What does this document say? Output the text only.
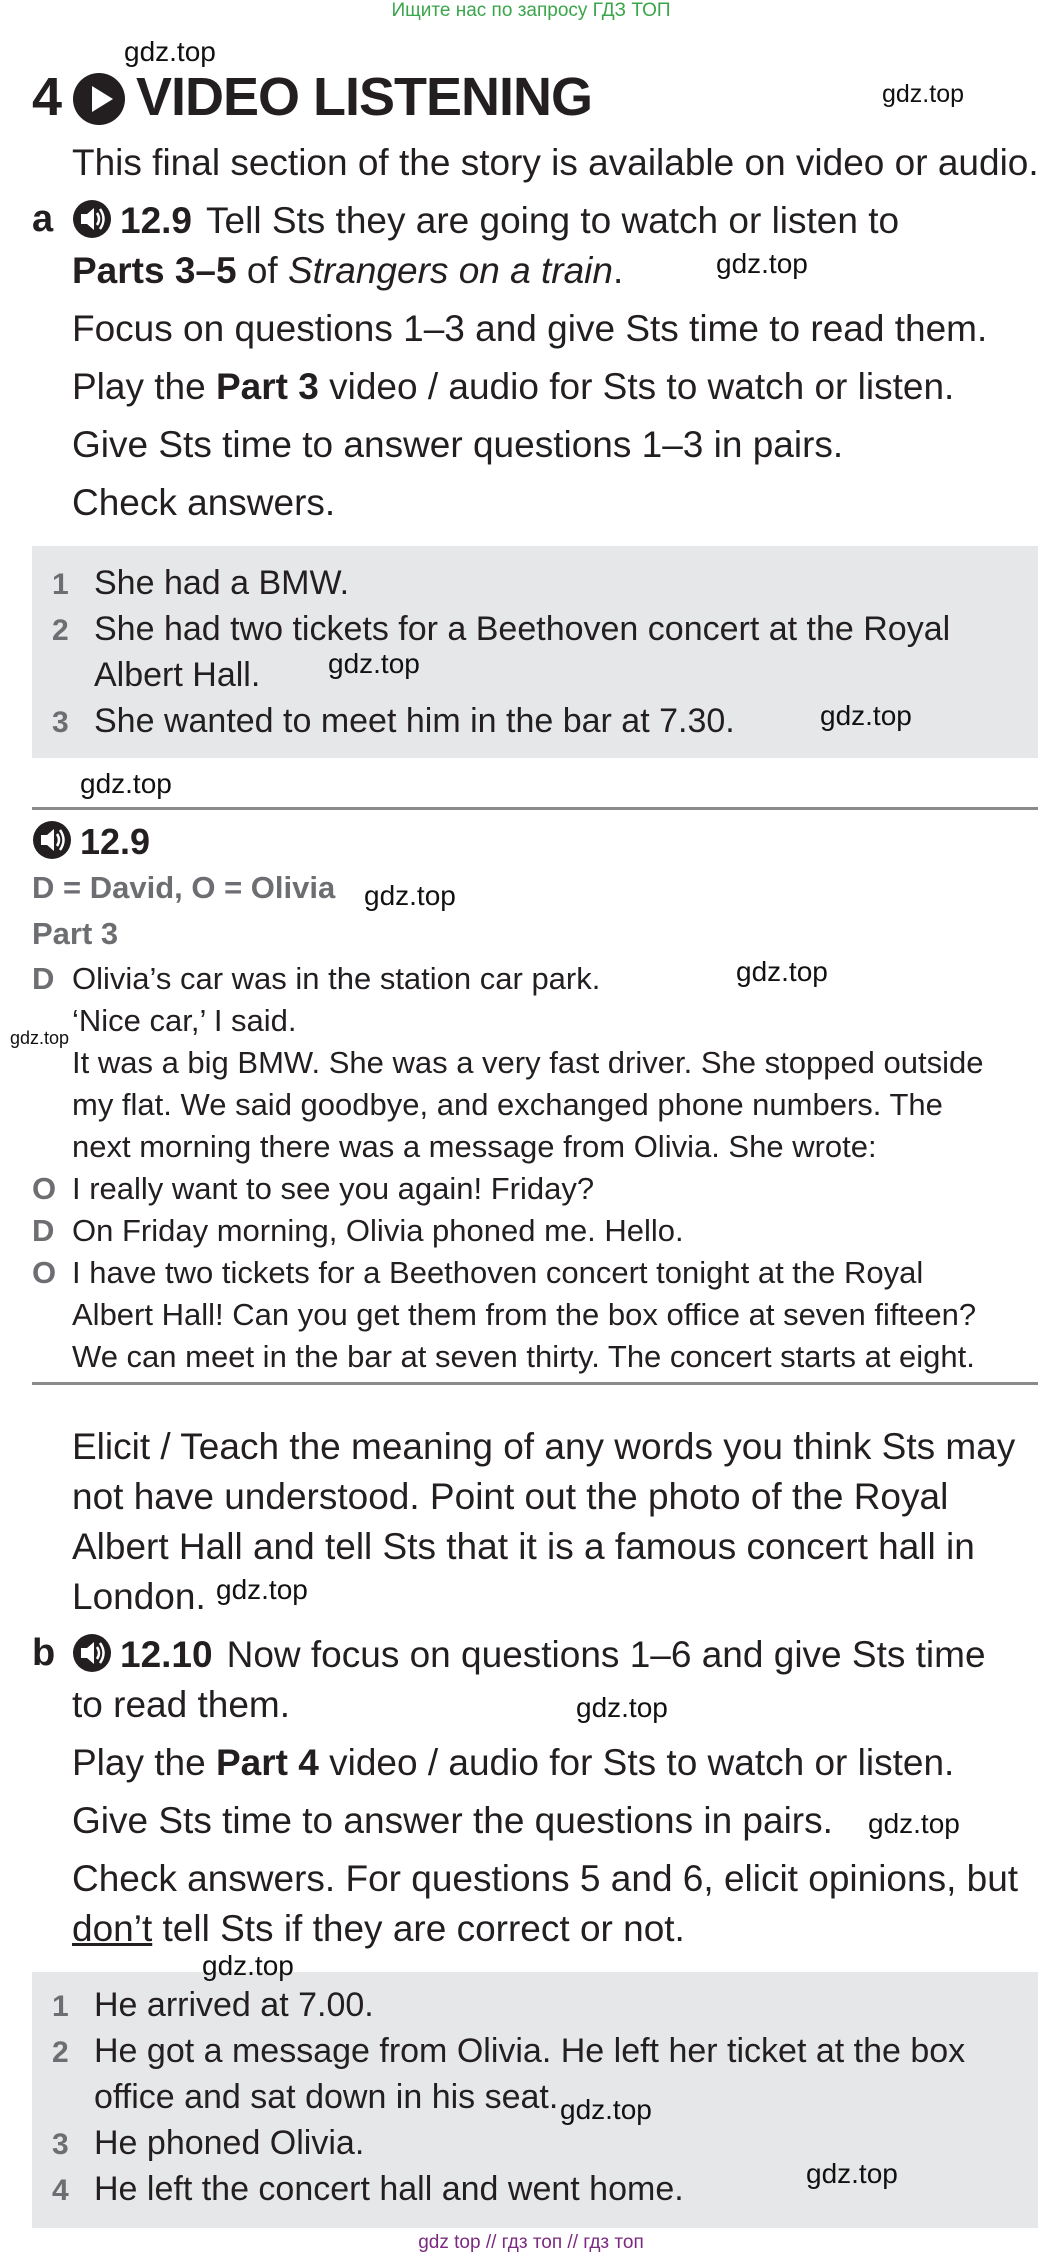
Ищите нас по запросу ГДЗ ТОП
4 VIDEO LISTENING
This final section of the story is available on video or audio.
a	12.9 Tell Sts they are going to watch or listen to
Parts 3–5 of Strangers on a train.
Focus on questions 1–3 and give Sts time to read them.
Play the Part 3 video / audio for Sts to watch or listen.
Give Sts time to answer questions 1–3 in pairs.
Check answers.
1 She had a BMW.
2 She had two tickets for a Beethoven concert at the Royal
Albert Hall.
3 She wanted to meet him in the bar at 7.30.
12.9
D = David, O = Olivia
Part 3
D Olivia’s car was in the station car park.
‘Nice car,’ I said.
It was a big BMW. She was a very fast driver. She stopped outside
my flat. We said goodbye, and exchanged phone numbers. The
next morning there was a message from Olivia. She wrote:
O I really want to see you again! Friday?
D On Friday morning, Olivia phoned me. Hello.
O I have two tickets for a Beethoven concert tonight at the Royal
Albert Hall! Can you get them from the box office at seven fifteen?
We can meet in the bar at seven thirty. The concert starts at eight.
Elicit / Teach the meaning of any words you think Sts may
not have understood. Point out the photo of the Royal
Albert Hall and tell Sts that it is a famous concert hall in
London.
b	12.10 Now focus on questions 1–6 and give Sts time
to read them.
Play the Part 4 video / audio for Sts to watch or listen.
Give Sts time to answer the questions in pairs.
Check answers. For questions 5 and 6, elicit opinions, but
don’t tell Sts if they are correct or not.
1 He arrived at 7.00.
2 He got a message from Olivia. He left her ticket at the box
office and sat down in his seat.
3 He phoned Olivia.
4 He left the concert hall and went home.
gdz top // гдз топ // гдз топ
gdz.top
gdz.top
gdz.top
gdz.top
gdz.top
gdz.top
gdz.top
gdz.top
gdz.top
gdz.top
gdz.top
gdz.top
gdz.top
gdz.top
gdz.top
